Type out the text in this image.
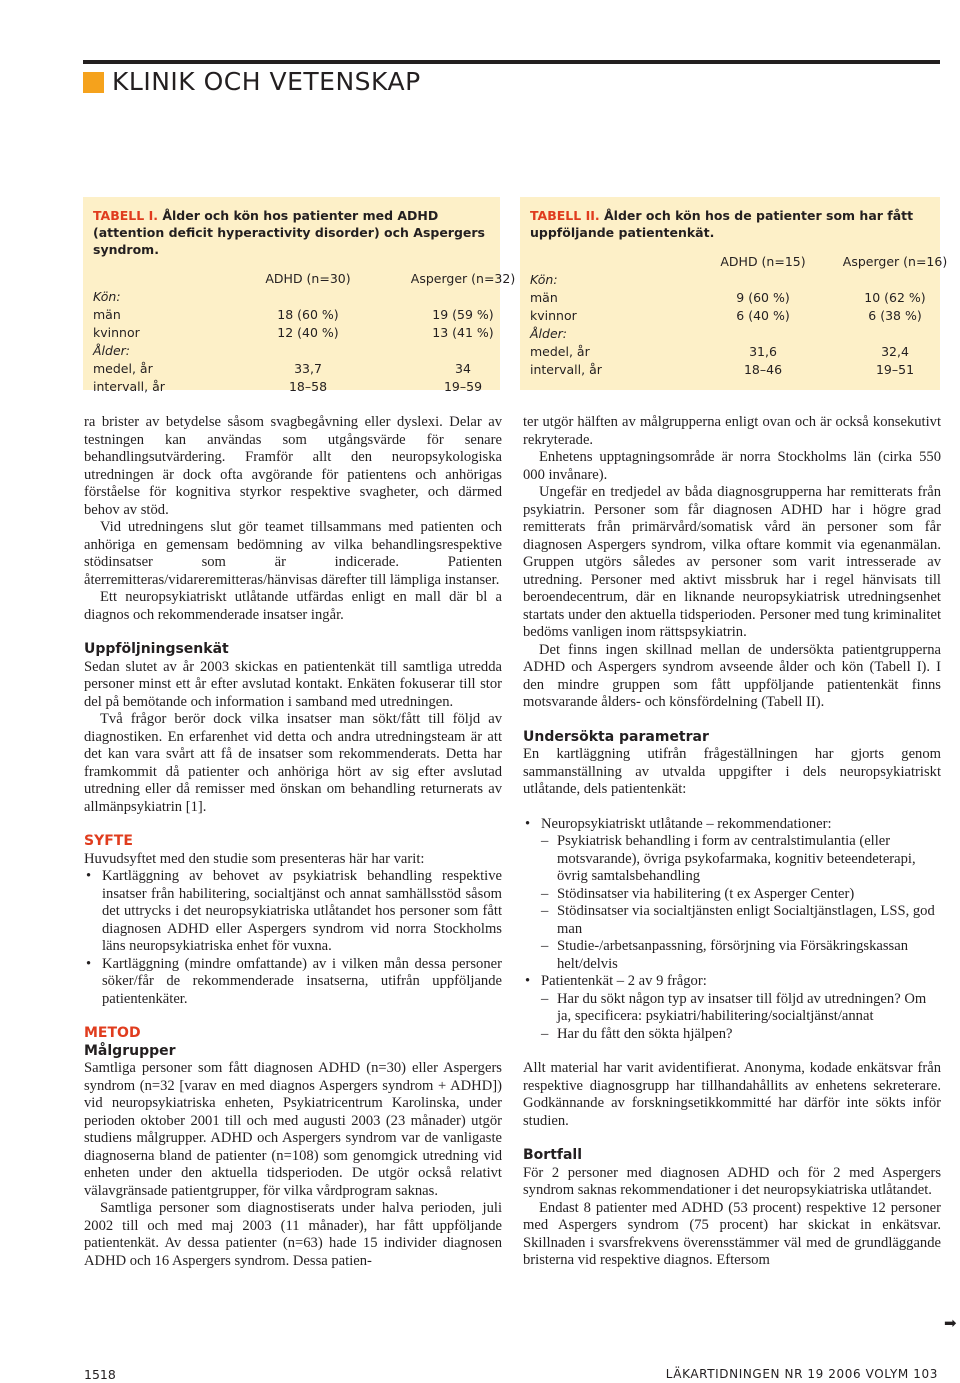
KLINIK OCH VETENSKAP
TABELL I. Ålder och kön hos patienter med ADHD (attention deficit hyperactivity disorder) och Aspergers syndrom.
ADHD (n=30)	Asperger (n=32)
Kön:
män	18 (60 %)	19 (59 %)
kvinnor	12 (40 %)	13 (41 %)
Ålder:
medel, år	33,7	34
intervall, år	18–58	19–59
TABELL II. Ålder och kön hos de patienter som har fått uppföljande patientenkät.
ADHD (n=15)	Asperger (n=16)
Kön:
män	9 (60 %)	10 (62 %)
kvinnor	6 (40 %)	6 (38 %)
Ålder:
medel, år	31,6	32,4
intervall, år	18–46	19–51

ra brister av betydelse såsom svagbegåvning eller dyslexi. Delar av testningen kan användas som utgångsvärde för senare behandlingsutvärdering. Framför allt den neuropsykologiska utredningen är dock ofta avgörande för patientens och anhörigas förståelse för kognitiva styrkor respektive svagheter, och därmed behov av stöd.

Vid utredningens slut gör teamet tillsammans med patienten och anhöriga en gemensam bedömning av vilka behandlingsrespektive stödinsatser som är indicerade. Patienten återremitteras/vidareremitteras/hänvisas därefter till lämpliga instanser.

Ett neuropsykiatriskt utlåtande utfärdas enligt en mall där bl a diagnos och rekommenderade insatser ingår.

Uppföljningsenkät

Sedan slutet av år 2003 skickas en patientenkät till samtliga utredda personer minst ett år efter avslutad kontakt. Enkäten fokuserar till stor del på bemötande och information i samband med utredningen.

Två frågor berör dock vilka insatser man sökt/fått till följd av diagnostiken. En erfarenhet vid detta och andra utredningsteam är att det kan vara svårt att få de insatser som rekommenderats. Detta har framkommit då patienter och anhöriga hört av sig efter avslutad utredning eller då remisser med önskan om behandling returnerats av allmänpsykiatrin [1].

SYFTE

Huvudsyftet med den studie som presenteras här har varit:

• Kartläggning av behovet av psykiatrisk behandling respektive insatser från habilitering, socialtjänst och annat samhällsstöd såsom det uttrycks i det neuropsykiatriska utlåtandet hos personer som fått diagnosen ADHD eller Aspergers syndrom vid norra Stockholms läns neuropsykiatriska enhet för vuxna.
• Kartläggning (mindre omfattande) av i vilken mån dessa personer söker/får de rekommenderade insatserna, utifrån uppföljande patientenkäter.
METOD
Målgrupper

Samtliga personer som fått diagnosen ADHD (n=30) eller Aspergers syndrom (n=32 [varav en med diagnos Aspergers syndrom + ADHD]) vid neuropsykiatriska enheten, Psykiatricentrum Karolinska, under perioden oktober 2001 till och med augusti 2003 (23 månader) utgör studiens målgrupper. ADHD och Aspergers syndrom var de vanligaste diagnoserna bland de patienter (n=108) som genomgick utredning vid enheten under den aktuella tidsperioden. De utgör också relativt välavgränsade patientgrupper, för vilka vårdprogram saknas.

Samtliga personer som diagnostiserats under halva perioden, juli 2002 till och med maj 2003 (11 månader), har fått uppföljande patientenkät. Av dessa patienter (n=63) hade 15 individer diagnosen ADHD och 16 Aspergers syndrom. Dessa patien-

ter utgör hälften av målgrupperna enligt ovan och är också konsekutivt rekryterade.

Enhetens upptagningsområde är norra Stockholms län (cirka 550 000 invånare).

Ungefär en tredjedel av båda diagnosgrupperna har remitterats från psykiatrin. Personer som får diagnosen ADHD har i högre grad remitterats från primärvård/somatisk vård än personer som får diagnosen Aspergers syndrom, vilka oftare kommit via egenanmälan. Gruppen utgörs således av personer som varit intresserade av utredning. Personer med aktivt missbruk har i regel hänvisats till beroendecentrum, där en liknande neuropsykiatrisk utredningsenhet startats under den aktuella tidsperioden. Personer med tung kriminalitet bedöms vanligen inom rättspsykiatrin.

Det finns ingen skillnad mellan de undersökta patientgrupperna ADHD och Aspergers syndrom avseende ålder och kön (Tabell I). I den mindre gruppen som fått uppföljande patientenkät finns motsvarande ålders- och könsfördelning (Tabell II).

Undersökta parametrar

En kartläggning utifrån frågeställningen har gjorts genom sammanställning av utvalda uppgifter i dels neuropsykiatriskt utlåtande, dels patientenkät:

• Neuropsykiatriskt utlåtande – rekommendationer:
– Psykiatrisk behandling i form av centralstimulantia (eller motsvarande), övriga psykofarmaka, kognitiv beteendeterapi, övrig samtalsbehandling
– Stödinsatser via habilitering (t ex Asperger Center)
– Stödinsatser via socialtjänsten enligt Socialtjänstlagen, LSS, god man
– Studie-/arbetsanpassning, försörjning via Försäkringskassan helt/delvis
• Patientenkät – 2 av 9 frågor:
– Har du sökt någon typ av insatser till följd av utredningen? Om ja, specificera: psykiatri/habilitering/socialtjänst/annat
– Har du fått den sökta hjälpen?

Allt material har varit avidentifierat. Anonyma, kodade enkätsvar från respektive diagnosgrupp har tillhandahållits av enhetens sekreterare. Godkännande av forskningsetikkommitté har därför inte sökts inför studien.

Bortfall

För 2 personer med diagnosen ADHD och för 2 med Aspergers syndrom saknas rekommendationer i det neuropsykiatriska utlåtandet.

Endast 8 patienter med ADHD (53 procent) respektive 12 personer med Aspergers syndrom (75 procent) har skickat in enkätsvar. Skillnaden i svarsfrekvens överensstämmer väl med de grundläggande bristerna vid respektive diagnos. Eftersom

➡
1518	LÄKARTIDNINGEN NR 19 2006 VOLYM 103
